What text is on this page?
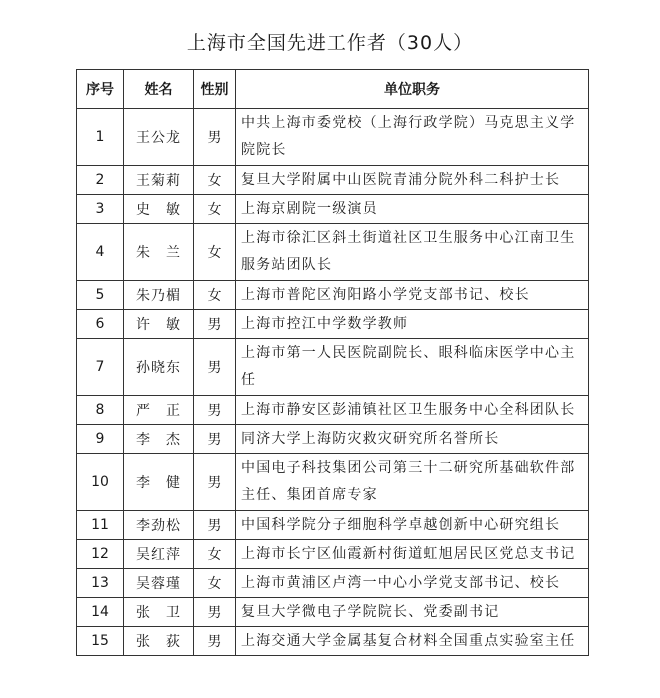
上海市全国先进工作者（30人）
序号	姓名	性别	单位职务
1	王公龙	男	中共上海市委党校（上海行政学院）马克思主义学院院长
2	王菊莉	女	复旦大学附属中山医院青浦分院外科二科护士长
3	史　敏	女	上海京剧院一级演员
4	朱　兰	女	上海市徐汇区斜土街道社区卫生服务中心江南卫生服务站团队长
5	朱乃楣	女	上海市普陀区洵阳路小学党支部书记、校长
6	许　敏	男	上海市控江中学数学教师
7	孙晓东	男	上海市第一人民医院副院长、眼科临床医学中心主任
8	严　正	男	上海市静安区彭浦镇社区卫生服务中心全科团队长
9	李　杰	男	同济大学上海防灾救灾研究所名誉所长
10	李　健	男	中国电子科技集团公司第三十二研究所基础软件部主任、集团首席专家
11	李劲松	男	中国科学院分子细胞科学卓越创新中心研究组长
12	吴红萍	女	上海市长宁区仙霞新村街道虹旭居民区党总支书记
13	吴蓉瑾	女	上海市黄浦区卢湾一中心小学党支部书记、校长
14	张　卫	男	复旦大学微电子学院院长、党委副书记
15	张　荻	男	上海交通大学金属基复合材料全国重点实验室主任
